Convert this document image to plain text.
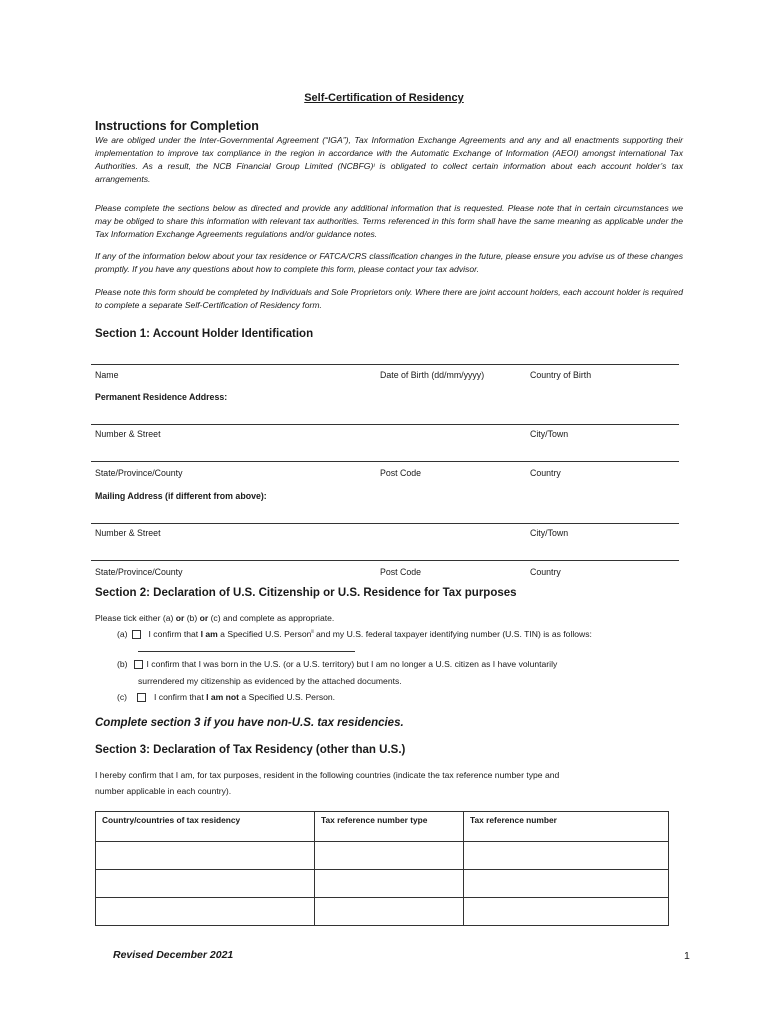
Self-Certification of Residency
Instructions for Completion
We are obliged under the Inter-Governmental Agreement (“IGA”), Tax Information Exchange Agreements and any and all enactments supporting their implementation to improve tax compliance in the region in accordance with the Automatic Exchange of Information (AEOI) amongst international Tax Authorities. As a result, the NCB Financial Group Limited (NCBFG)ᶦ is obligated to collect certain information about each account holder’s tax arrangements.
Please complete the sections below as directed and provide any additional information that is requested. Please note that in certain circumstances we may be obliged to share this information with relevant tax authorities. Terms referenced in this form shall have the same meaning as applicable under the Tax Information Exchange Agreements regulations and/or guidance notes.
If any of the information below about your tax residence or FATCA/CRS classification changes in the future, please ensure you advise us of these changes promptly. If you have any questions about how to complete this form, please contact your tax advisor.
Please note this form should be completed by Individuals and Sole Proprietors only. Where there are joint account holders, each account holder is required to complete a separate Self-Certification of Residency form.
Section 1: Account Holder Identification
Name	Date of Birth (dd/mm/yyyy)	Country of Birth
Permanent Residence Address:
Number & Street	City/Town
State/Province/County	Post Code	Country
Mailing Address (if different from above):
Number & Street	City/Town
State/Province/County	Post Code	Country
Section 2: Declaration of U.S. Citizenship or U.S. Residence for Tax purposes
Please tick either (a) or (b) or (c) and complete as appropriate.
(a) I confirm that I am a Specified U.S. Person$^{ii}$ and my U.S. federal taxpayer identifying number (U.S. TIN) is as follows:
(b) I confirm that I was born in the U.S. (or a U.S. territory) but I am no longer a U.S. citizen as I have voluntarily
surrendered my citizenship as evidenced by the attached documents.
(c)	I confirm that I am not a Specified U.S. Person.
Complete section 3 if you have non-U.S. tax residencies.
Section 3: Declaration of Tax Residency (other than U.S.)
I hereby confirm that I am, for tax purposes, resident in the following countries (indicate the tax reference number type and
number applicable in each country).
Country/countries of tax residency	Tax reference number type	Tax reference number

Revised December 2021	1
